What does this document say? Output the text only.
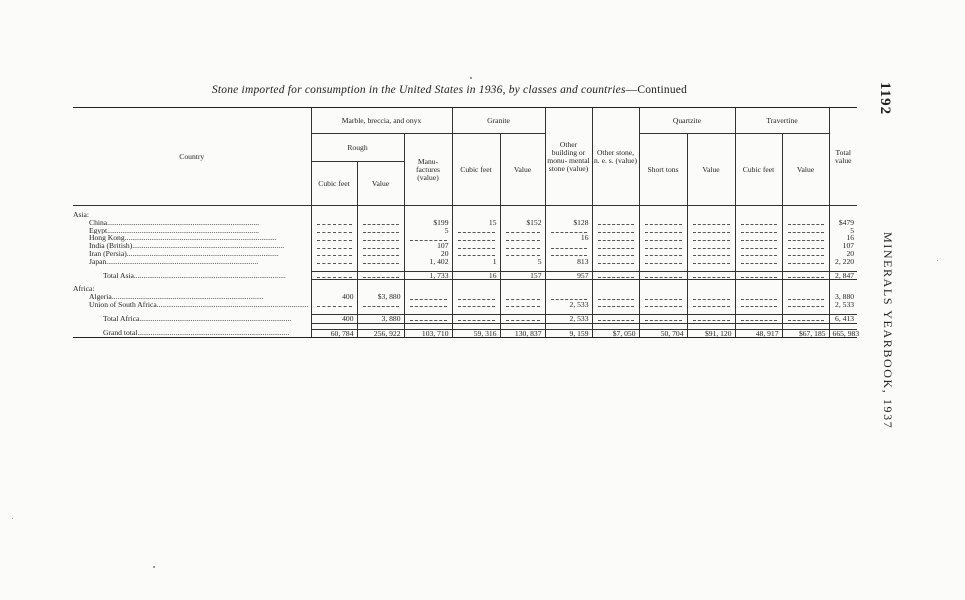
Stone imported for consumption in the United States in 1936, by classes and countries—Continued	1192
MINERALS YEARBOOK, 1937
Country	Marble, breccia, and onyx			Granite		Other building or monu- mental stone (value)	Other stone, n. e. s. (value)	Quartzite		Travertine		Total value
	Rough		Manu- factures (value)	Cubic feet	Value			Short tons	Value	Cubic feet	Value	
	Cubic feet	Value										

Asia:												
China................................................................................			$199	15	$152	$128						$479
Egypt................................................................................			5									5
Hong Kong................................................................................						16						16
India (British)................................................................................			107									107
Iran (Persia)................................................................................			20									20
Japan................................................................................			1, 402	1	5	813						2, 220

Total Asia................................................................................			1, 733	16	157	957						2, 847

Africa:												
Algeria................................................................................	400	$3, 880										3, 880
Union of South Africa................................................................................						2, 533						2, 533

Total Africa................................................................................	400	3, 880				2, 533						6, 413

Grand total................................................................................	60, 784	256, 922	103, 710	59, 316	130, 837	9, 159	$7, 050	50, 704	$91, 120	48, 917	$67, 185	665, 983
